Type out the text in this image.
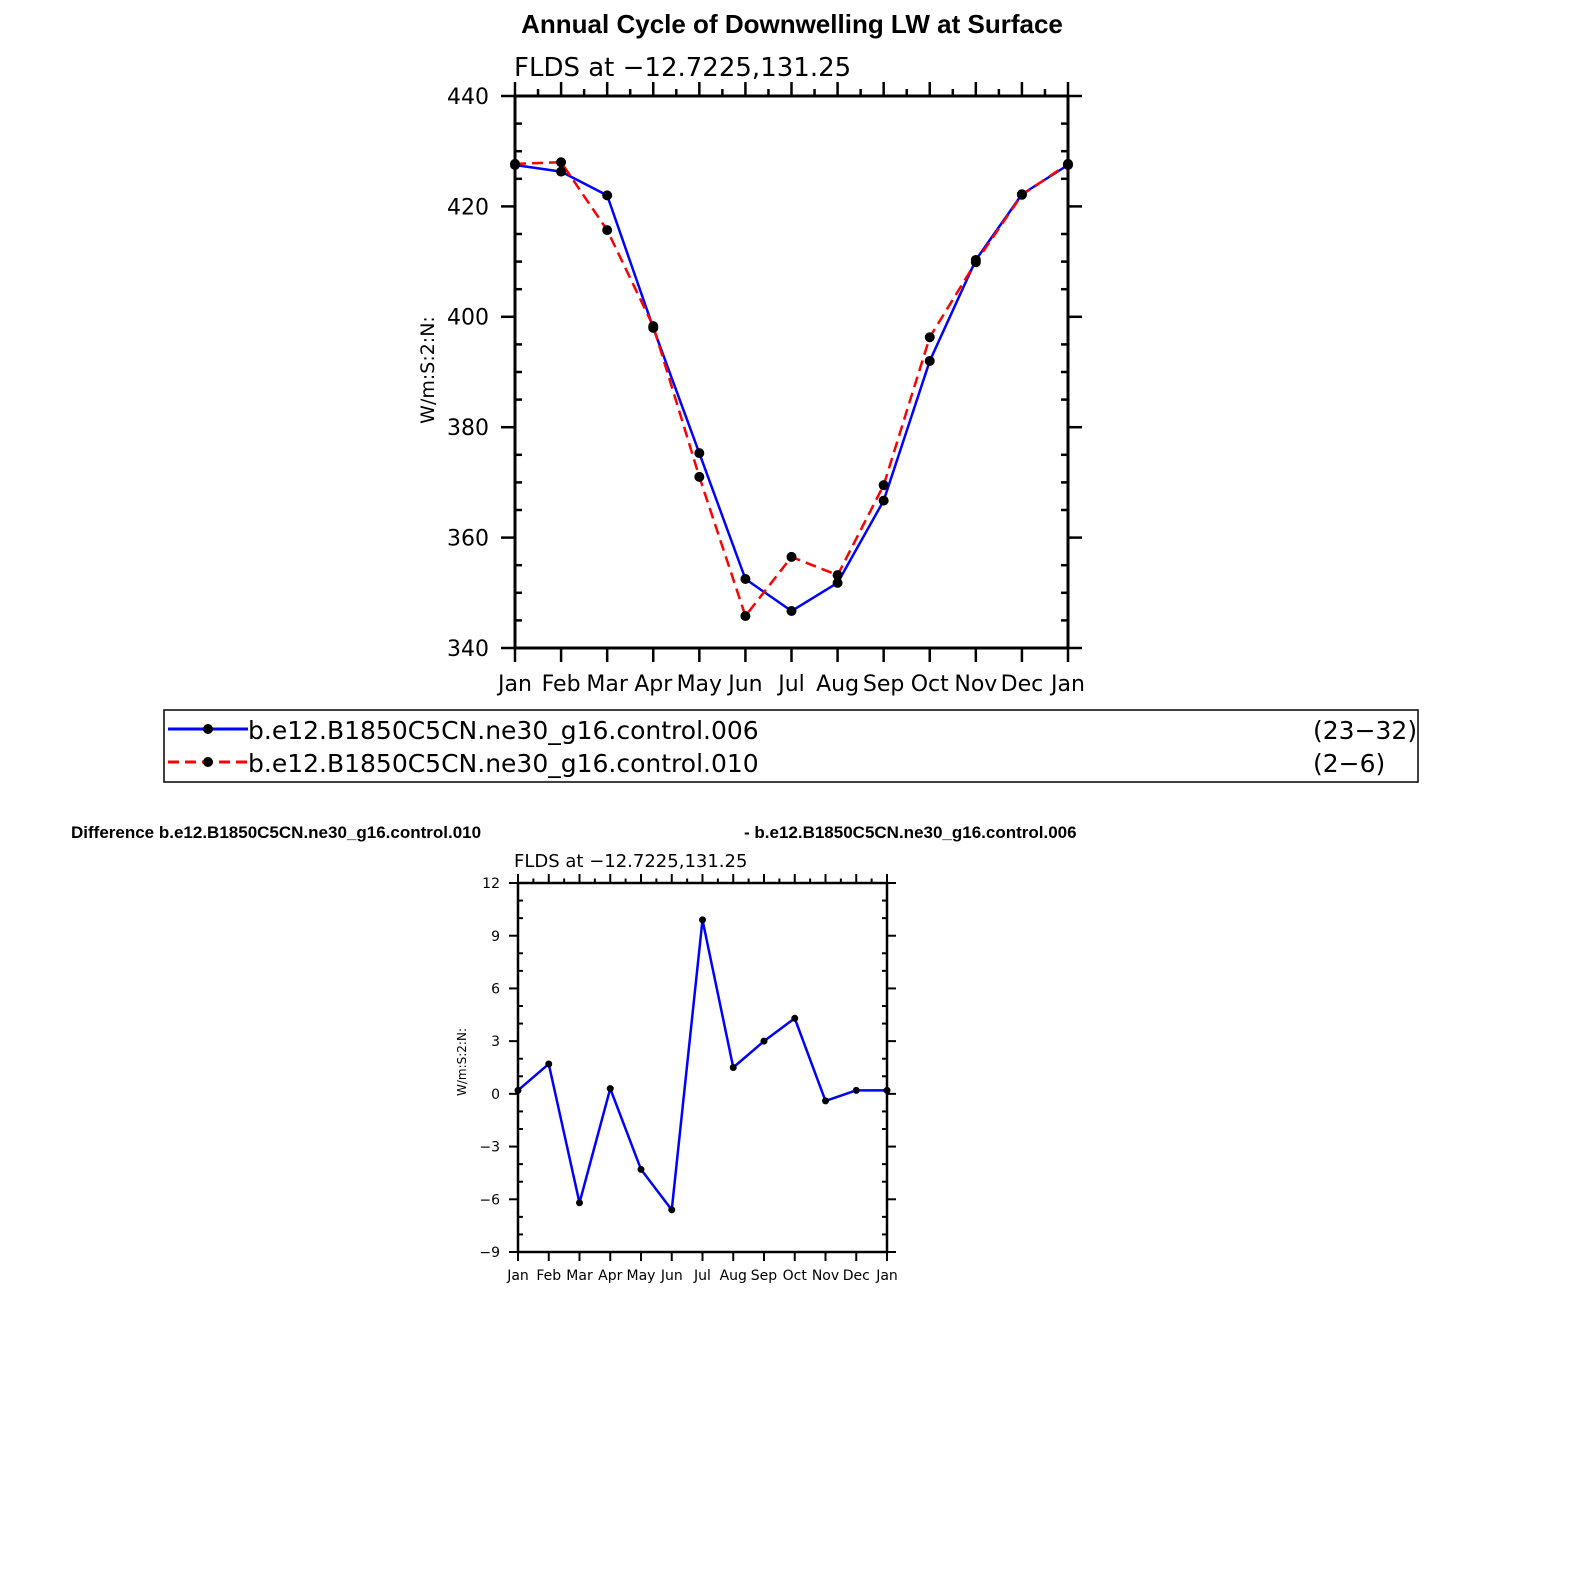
Annual Cycle of Downwelling LW at Surface
FLDS at −12.7225,131.25
W/m:S:2:N:
Jan Feb Mar Apr May Jun Jul Aug Sep Oct Nov Dec Jan
340
360
380
400
420
440
b.e12.B1850C5CN.ne30_g16.control.006	(23−32)
b.e12.B1850C5CN.ne30_g16.control.010	(2−6)
Difference b.e12.B1850C5CN.ne30_g16.control.010	- b.e12.B1850C5CN.ne30_g16.control.006
FLDS at −12.7225,131.25
W/m:S:2:N:
Jan Feb Mar Apr May Jun Jul Aug Sep Oct Nov Dec Jan
−9
−6
−3
0
3
6
9
12
